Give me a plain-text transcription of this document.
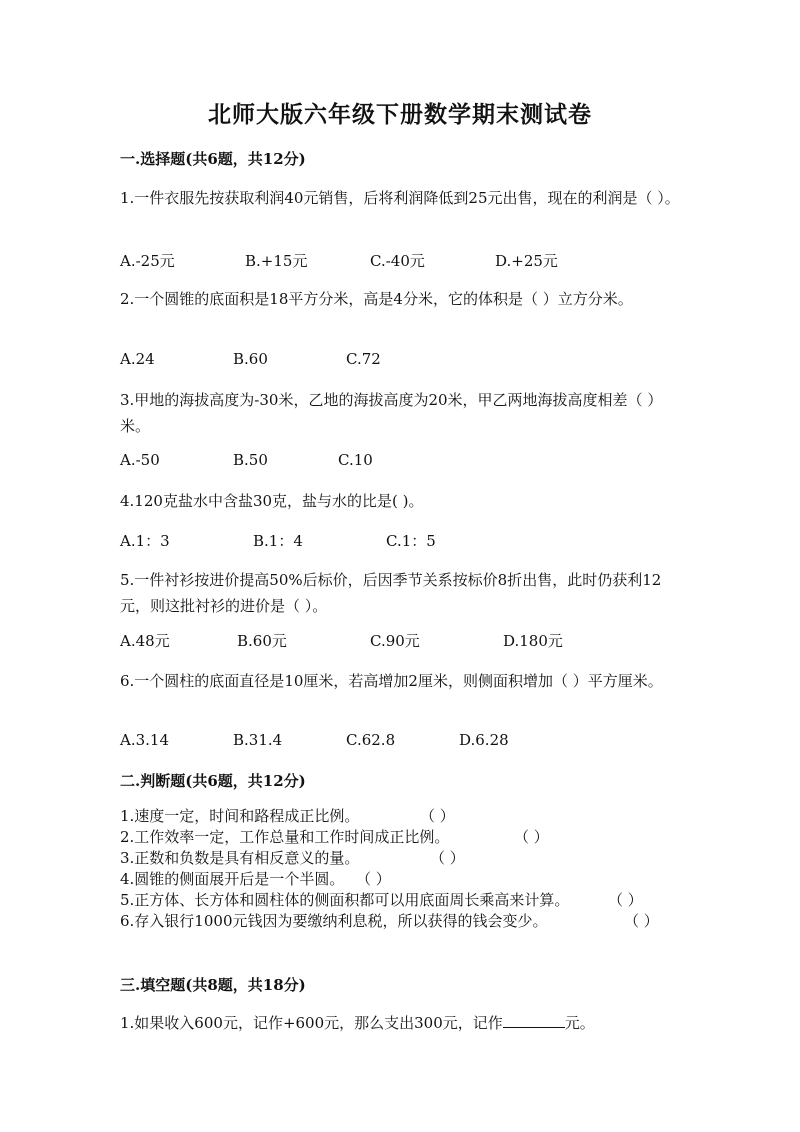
北师大版六年级下册数学期末测试卷
一.选择题(共6题，共12分)
1.一件衣服先按获取利润40元销售，后将利润降低到25元出售，现在的利润是（ ）。
A.-25元	B.+15元	C.-40元	D.+25元
2.一个圆锥的底面积是18平方分米，高是4分米，它的体积是（ ）立方分米。
A.24	B.60	C.72
3.甲地的海拔高度为-30米，乙地的海拔高度为20米，甲乙两地海拔高度相差（ ）米。
A.-50	B.50	C.10
4.120克盐水中含盐30克，盐与水的比是( )。
A.1：3	B.1：4	C.1：5
5.一件衬衫按进价提高50%后标价，后因季节关系按标价8折出售，此时仍获利12元，则这批衬衫的进价是（ ）。
A.48元	B.60元	C.90元	D.180元
6.一个圆柱的底面直径是10厘米，若高增加2厘米，则侧面积增加（ ）平方厘米。
A.3.14	B.31.4	C.62.8	D.6.28
二.判断题(共6题，共12分)
1.速度一定，时间和路程成正比例。	（ ）
2.工作效率一定，工作总量和工作时间成正比例。	（ ）
3.正数和负数是具有相反意义的量。	（ ）
4.圆锥的侧面展开后是一个半圆。 （ ）
5.正方体、长方体和圆柱体的侧面积都可以用底面周长乘高来计算。	（ ）
6.存入银行1000元钱因为要缴纳利息税，所以获得的钱会变少。	（ ）
三.填空题(共8题，共18分)
1.如果收入600元，记作+600元，那么支出300元，记作	元。
